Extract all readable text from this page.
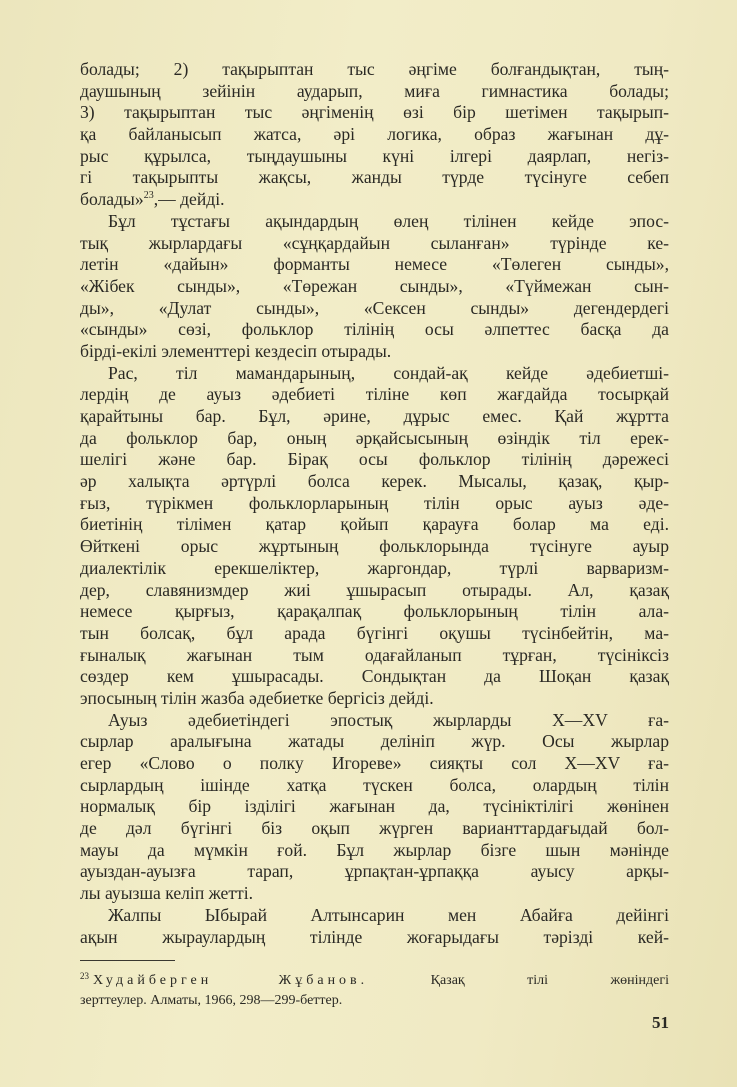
болады; 2) тақырыптан тыс әңгіме болғандықтан, тың-
даушының зейінін аударып, миға гимнастика болады;
3) тақырыптан тыс әңгіменің өзі бір шетімен тақырып-
қа байланысып жатса, әрі логика, образ жағынан дұ-
рыс құрылса, тыңдаушыны күні ілгері даярлап, негіз-
гі тақырыпты жақсы, жанды түрде түсінуге себеп
болады»$^{23}$,— дейді.
Бұл тұстағы ақындардың өлең тілінен кейде эпос-
тық жырлардағы «сұңқардайын сыланған» түрінде ке-
летін «дайын» форманты немесе «Төлеген сынды»,
«Жібек сынды», «Төрежан сынды», «Түймежан сын-
ды», «Дулат сынды», «Сексен сынды» дегендердегі
«сынды» сөзі, фольклор тілінің осы әлпеттес басқа да
бірді-екілі элементтері кездесіп отырады.
Рас, тіл мамандарының, сондай-ақ кейде әдебиетші-
лердің де ауыз әдебиеті тіліне көп жағдайда тосырқай
қарайтыны бар. Бұл, әрине, дұрыс емес. Қай жұртта
да фольклор бар, оның әрқайсысының өзіндік тіл ерек-
шелігі және бар. Бірақ осы фольклор тілінің дәрежесі
әр халықта әртүрлі болса керек. Мысалы, қазақ, қыр-
ғыз, түрікмен фольклорларының тілін орыс ауыз әде-
биетінің тілімен қатар қойып қарауға болар ма еді.
Өйткені орыс жұртының фольклорында түсінуге ауыр
диалектілік ерекшеліктер, жаргондар, түрлі варваризм-
дер, славянизмдер жиі ұшырасып отырады. Ал, қазақ
немесе қырғыз, қарақалпақ фольклорының тілін ала-
тын болсақ, бұл арада бүгінгі оқушы түсінбейтін, ма-
ғыналық жағынан тым одағайланып тұрған, түсініксіз
сөздер кем ұшырасады. Сондықтан да Шоқан қазақ
эпосының тілін жазба әдебиетке бергісіз дейді.
Ауыз әдебиетіндегі эпостық жырларды X—XV ға-
сырлар аралығына жатады делініп жүр. Осы жырлар
егер «Слово о полку Игореве» сияқты сол X—XV ға-
сырлардың ішінде хатқа түскен болса, олардың тілін
нормалық бір ізділігі жағынан да, түсініктілігі жөнінен
де дәл бүгінгі біз оқып жүрген варианттардағыдай бол-
мауы да мүмкін ғой. Бұл жырлар бізге шын мәнінде
ауыздан-ауызға тарап, ұрпақтан-ұрпаққа ауысу арқы-
лы ауызша келіп жетті.
Жалпы Ыбырай Алтынсарин мен Абайға дейінгі
ақын жыраулардың тілінде жоғарыдағы тәрізді кей-
$^{23}$ Худайберген Жұбанов.	Қазақ тілі жөніндегі
зерттеулер. Алматы, 1966, 298—299-беттер.
51
